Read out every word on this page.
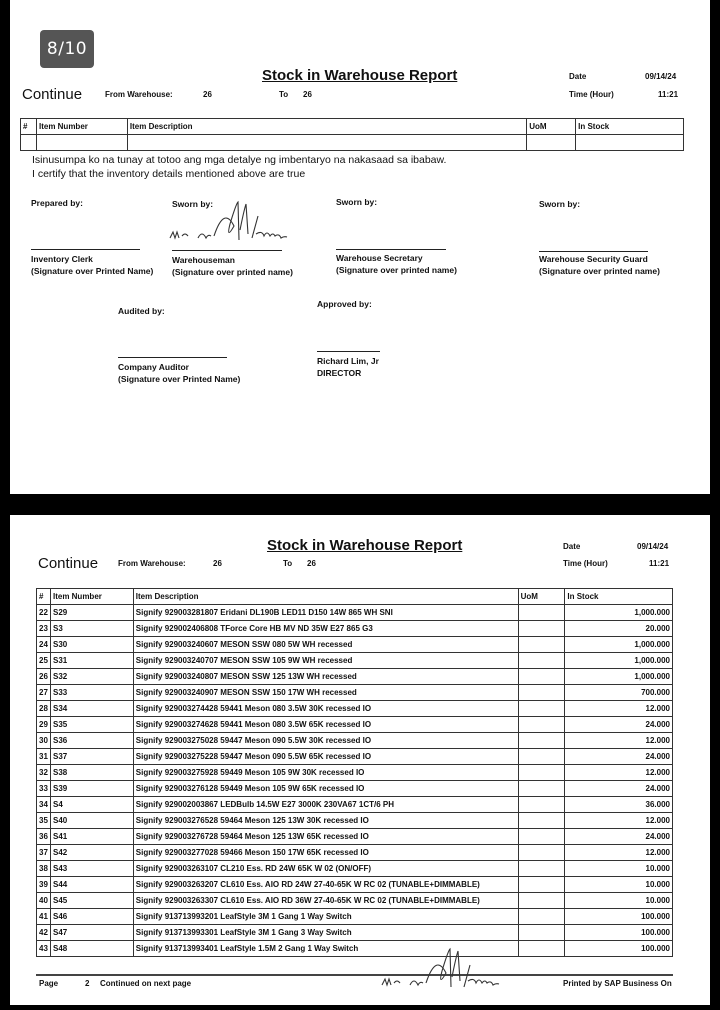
8/10
Stock in Warehouse Report
Continue	From Warehouse:	26	To 26
Date	09/14/24
Time (Hour)	11:21
#	Item Number	Item Description	UoM	In Stock

Isinusumpa ko na tunay at totoo ang mga detalye ng imbentaryo na nakasaad sa ibabaw.
I certify that the inventory details mentioned above are true
Prepared by:	Sworn by:	Sworn by:	Sworn by:
Inventory Clerk
(Signature over Printed Name)
Warehouseman
(Signature over printed name)
Warehouse Secretary
(Signature over printed name)
Warehouse Security Guard
(Signature over printed name)
Audited by:
Approved by:
Company Auditor
(Signature over Printed Name)
Richard Lim, Jr
DIRECTOR
Stock in Warehouse Report
Continue From Warehouse:	26	To 26
Date	09/14/24
Time (Hour)	11:21
#	Item Number	Item Description	UoM	In Stock
22	S29	Signify 929003281807 Eridani DL190B LED11 D150 14W 865 WH SNI		1,000.000
23	S3	Signify 929002406808 TForce Core HB MV ND 35W E27 865 G3		20.000
24	S30	Signify 929003240607 MESON SSW 080 5W WH recessed		1,000.000
25	S31	Signify 929003240707 MESON SSW 105 9W WH recessed		1,000.000
26	S32	Signify 929003240807 MESON SSW 125 13W WH recessed		1,000.000
27	S33	Signify 929003240907 MESON SSW 150 17W WH recessed		700.000
28	S34	Signify 929003274428 59441 Meson 080 3.5W 30K recessed IO		12.000
29	S35	Signify 929003274628 59441 Meson 080 3.5W 65K recessed IO		24.000
30	S36	Signify 929003275028 59447 Meson 090 5.5W 30K recessed IO		12.000
31	S37	Signify 929003275228 59447 Meson 090 5.5W 65K recessed IO		24.000
32	S38	Signify 929003275928 59449 Meson 105 9W 30K recessed IO		12.000
33	S39	Signify 929003276128 59449 Meson 105 9W 65K recessed IO		24.000
34	S4	Signify 929002003867 LEDBulb 14.5W E27 3000K 230VA67 1CT/6 PH		36.000
35	S40	Signify 929003276528 59464 Meson 125 13W 30K recessed IO		12.000
36	S41	Signify 929003276728 59464 Meson 125 13W 65K recessed IO		24.000
37	S42	Signify 929003277028 59466 Meson 150 17W 65K recessed IO		12.000
38	S43	Signify 929003263107 CL210 Ess. RD 24W 65K W 02 (ON/OFF)		10.000
39	S44	Signify 929003263207 CL610 Ess. AIO RD 24W 27-40-65K W RC 02 (TUNABLE+DIMMABLE)		10.000
40	S45	Signify 929003263307 CL610 Ess. AIO RD 36W 27-40-65K W RC 02 (TUNABLE+DIMMABLE)		10.000
41	S46	Signify 913713993201 LeafStyle 3M 1 Gang 1 Way Switch		100.000
42	S47	Signify 913713993301 LeafStyle 3M 1 Gang 3 Way Switch		100.000
43	S48	Signify 913713993401 LeafStyle 1.5M 2 Gang 1 Way Switch		100.000
Page	2 Continued on next page	Printed by SAP Business On
